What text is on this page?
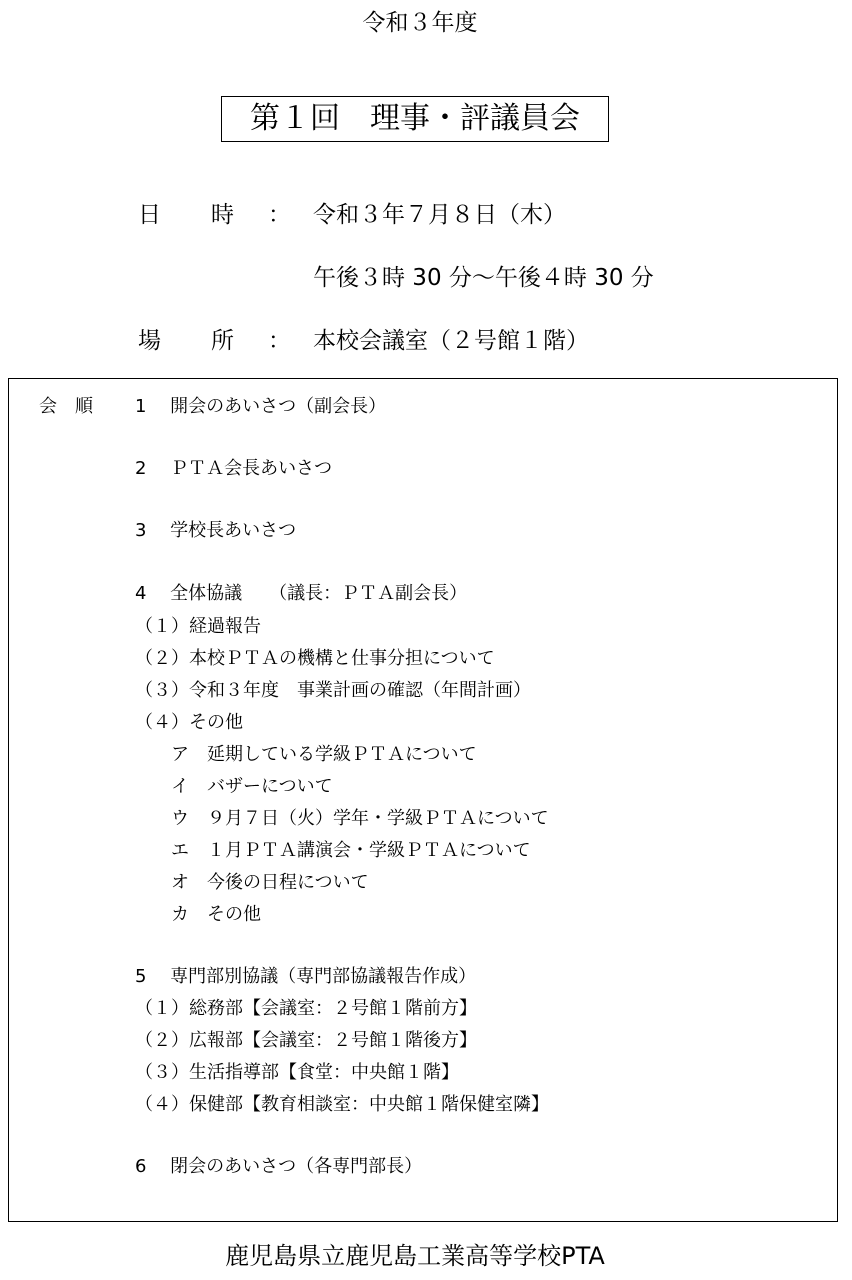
令和３年度
第１回　理事・評議員会
日 時 ： 令和３年７月８日（木）
午後３時 30 分～午後４時 30 分
場 所 ： 本校会議室（２号館１階）
会　順 1　 開会のあいさつ（副会長）
2　 ＰＴＡ会長あいさつ
3　 学校長あいさつ
4　 全体協議　　（議長：ＰＴＡ副会長）
（１）経過報告
（２）本校ＰＴＡの機構と仕事分担について
（３）令和３年度　事業計画の確認（年間計画）
（４）その他
ア　延期している学級ＰＴＡについて
イ　バザーについて
ウ　９月７日（火）学年・学級ＰＴＡについて
エ　１月ＰＴＡ講演会・学級ＰＴＡについて
オ　今後の日程について
カ　その他
5　 専門部別協議（専門部協議報告作成）
（１）総務部【会議室：２号館１階前方】
（２）広報部【会議室：２号館１階後方】
（３）生活指導部【食堂：中央館１階】
（４）保健部【教育相談室：中央館１階保健室隣】
6　 閉会のあいさつ（各専門部長）
鹿児島県立鹿児島工業高等学校PTA
